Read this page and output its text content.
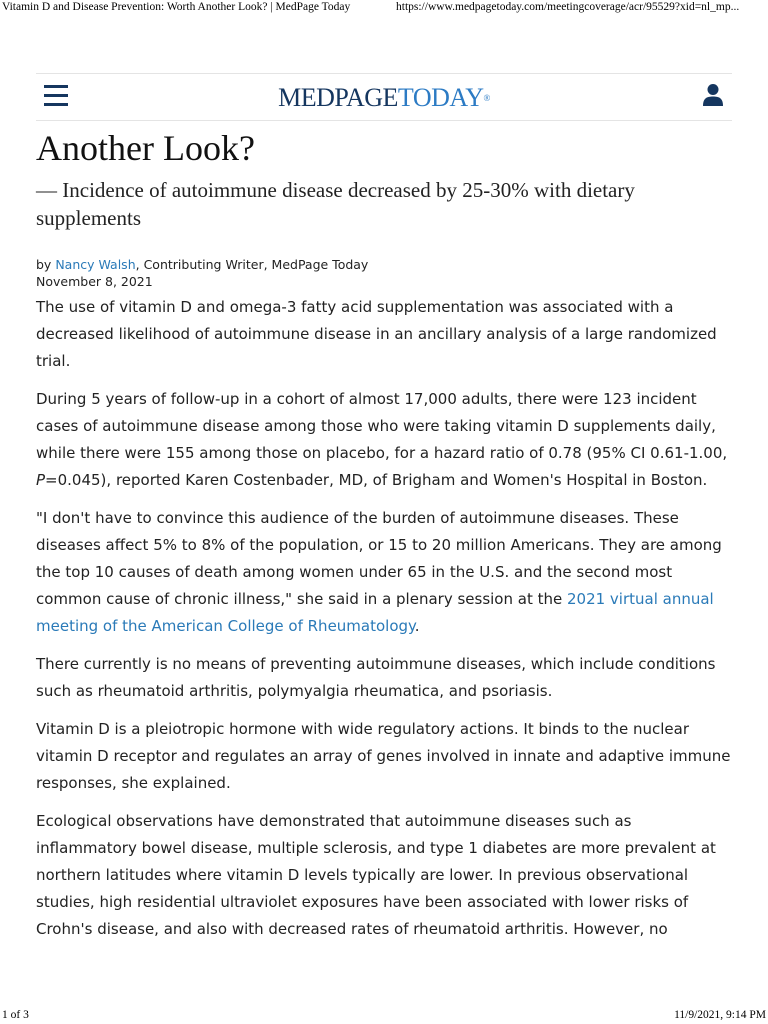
Vitamin D and Disease Prevention: Worth Another Look? | MedPage Today	https://www.medpagetoday.com/meetingcoverage/acr/95529?xid=nl_mp...
MEDPAGETODAY®
Another Look?

— Incidence of autoimmune disease decreased by 25-30% with dietary supplements

by Nancy Walsh, Contributing Writer, MedPage Today
November 8, 2021

The use of vitamin D and omega-3 fatty acid supplementation was associated with a decreased likelihood of autoimmune disease in an ancillary analysis of a large randomized trial.

During 5 years of follow-up in a cohort of almost 17,000 adults, there were 123 incident cases of autoimmune disease among those who were taking vitamin D supplements daily, while there were 155 among those on placebo, for a hazard ratio of 0.78 (95% CI 0.61-1.00, P=0.045), reported Karen Costenbader, MD, of Brigham and Women's Hospital in Boston.

"I don't have to convince this audience of the burden of autoimmune diseases. These diseases affect 5% to 8% of the population, or 15 to 20 million Americans. They are among the top 10 causes of death among women under 65 in the U.S. and the second most common cause of chronic illness," she said in a plenary session at the 2021 virtual annual meeting of the American College of Rheumatology.

There currently is no means of preventing autoimmune diseases, which include conditions such as rheumatoid arthritis, polymyalgia rheumatica, and psoriasis.

Vitamin D is a pleiotropic hormone with wide regulatory actions. It binds to the nuclear vitamin D receptor and regulates an array of genes involved in innate and adaptive immune responses, she explained.

Ecological observations have demonstrated that autoimmune diseases such as inflammatory bowel disease, multiple sclerosis, and type 1 diabetes are more prevalent at northern latitudes where vitamin D levels typically are lower. In previous observational studies, high residential ultraviolet exposures have been associated with lower risks of Crohn's disease, and also with decreased rates of rheumatoid arthritis. However, no

1 of 3	11/9/2021, 9:14 PM
